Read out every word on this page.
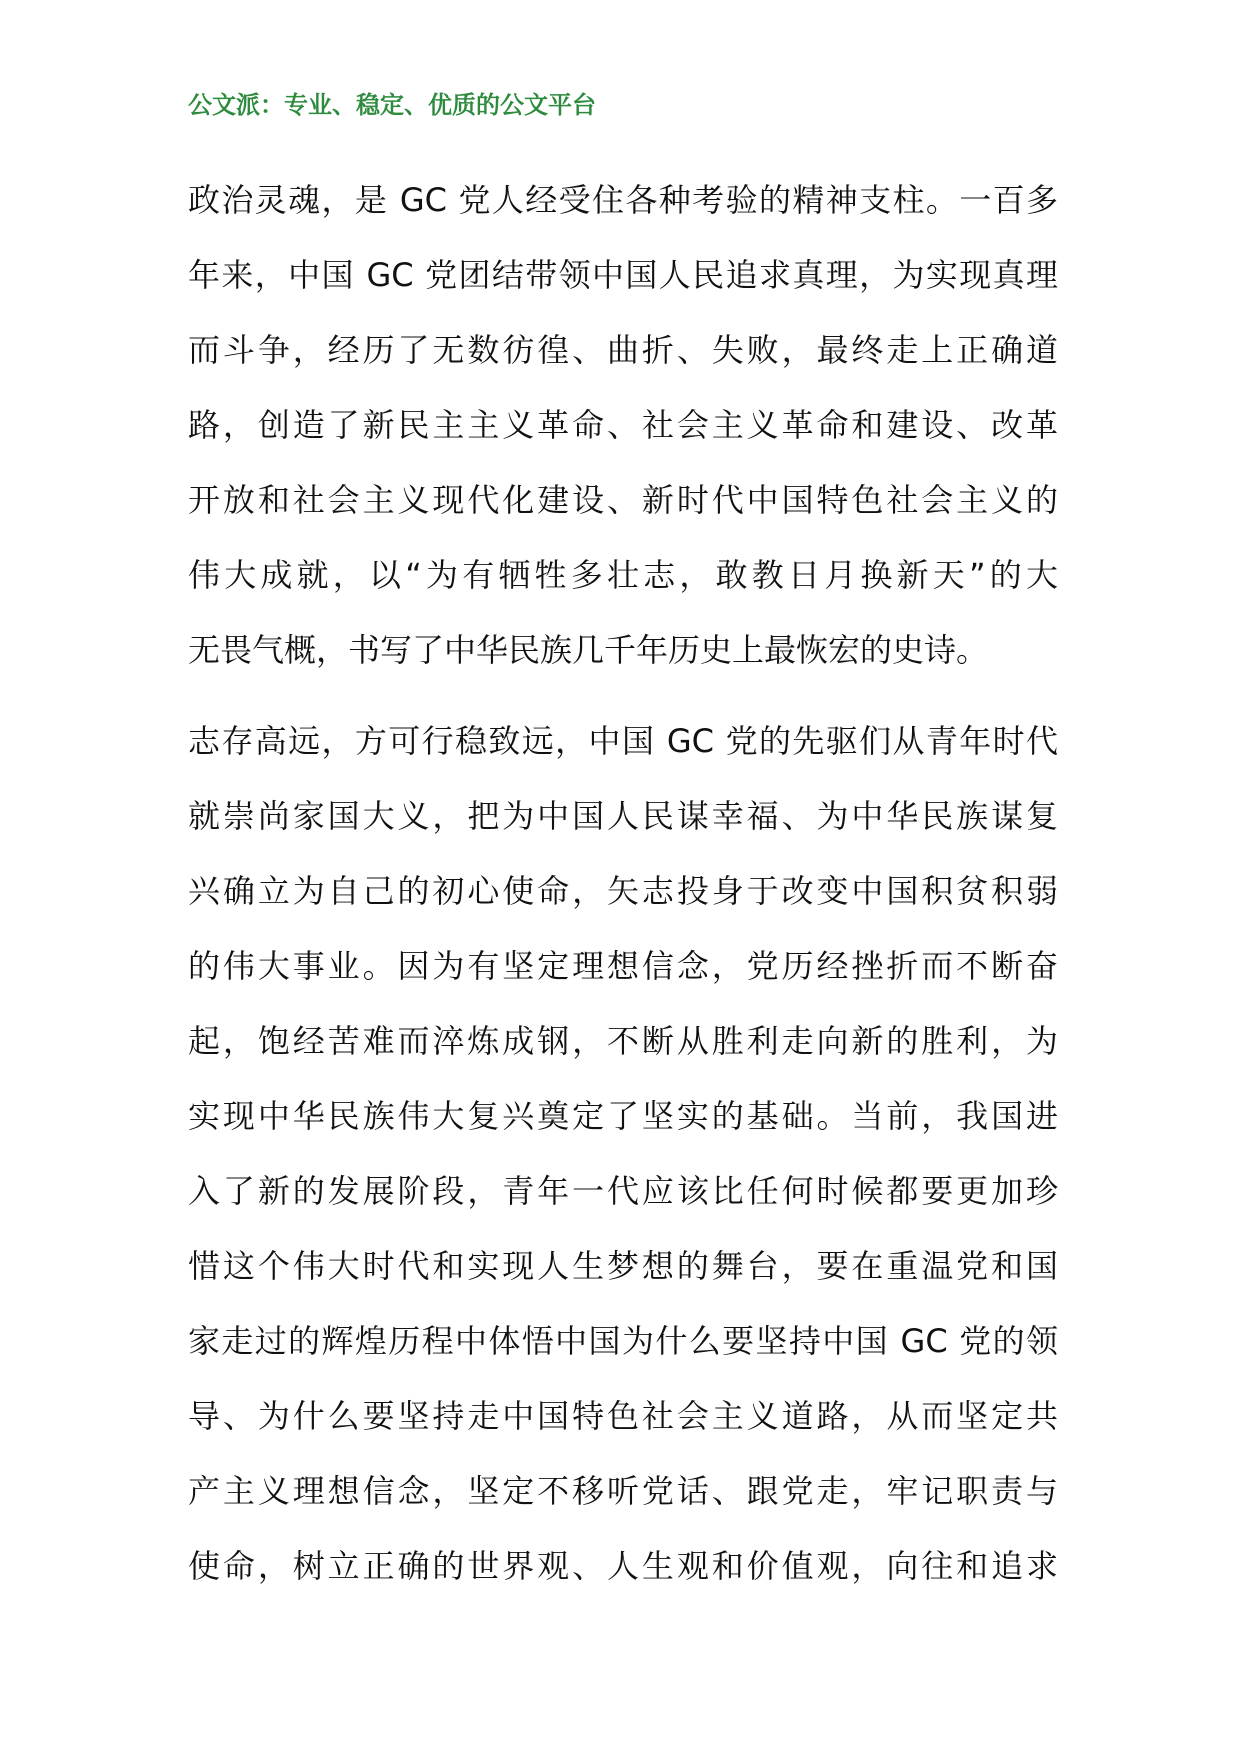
公文派：专业、稳定、优质的公文平台
政治灵魂，是 GC 党人经受住各种考验的精神支柱。一百多
年来，中国 GC 党团结带领中国人民追求真理，为实现真理
而斗争，经历了无数彷徨、曲折、失败，最终走上正确道
路，创造了新民主主义革命、社会主义革命和建设、改革
开放和社会主义现代化建设、新时代中国特色社会主义的
伟大成就，以“为有牺牲多壮志，敢教日月换新天”的大
无畏气概，书写了中华民族几千年历史上最恢宏的史诗。
志存高远，方可行稳致远，中国 GC 党的先驱们从青年时代
就崇尚家国大义，把为中国人民谋幸福、为中华民族谋复
兴确立为自己的初心使命，矢志投身于改变中国积贫积弱
的伟大事业。因为有坚定理想信念，党历经挫折而不断奋
起，饱经苦难而淬炼成钢，不断从胜利走向新的胜利，为
实现中华民族伟大复兴奠定了坚实的基础。当前，我国进
入了新的发展阶段，青年一代应该比任何时候都要更加珍
惜这个伟大时代和实现人生梦想的舞台，要在重温党和国
家走过的辉煌历程中体悟中国为什么要坚持中国 GC 党的领
导、为什么要坚持走中国特色社会主义道路，从而坚定共
产主义理想信念，坚定不移听党话、跟党走，牢记职责与
使命，树立正确的世界观、人生观和价值观，向往和追求
